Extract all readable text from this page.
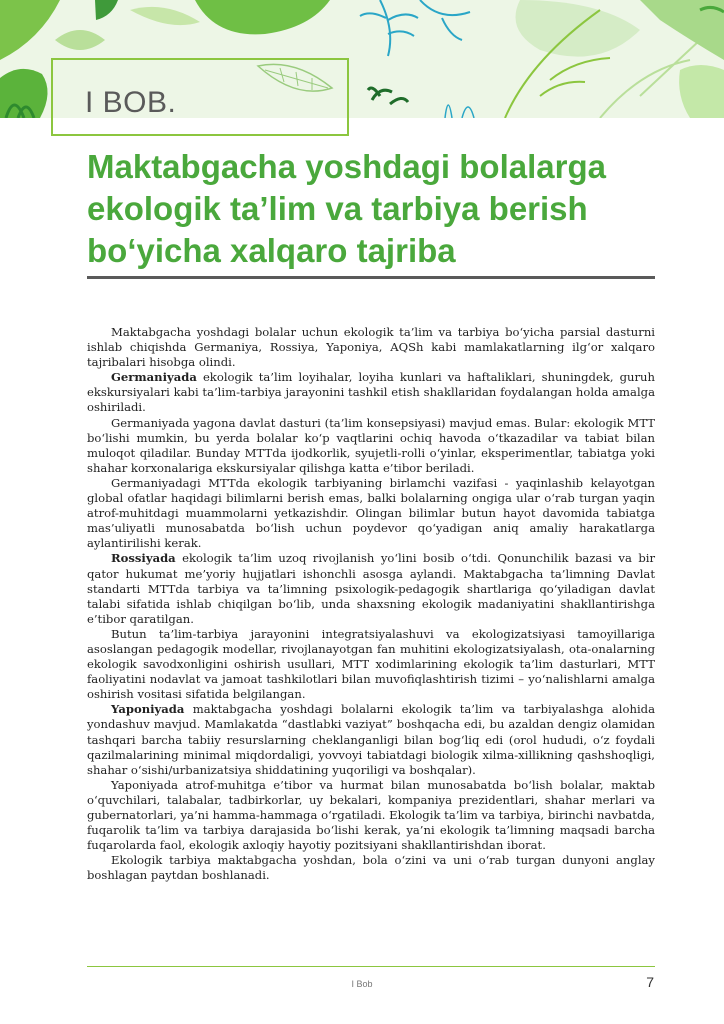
I BOB.
Maktabgacha yoshdagi bolalarga
ekologik ta’lim va tarbiya berish
bo‘yicha xalqaro tajriba

Maktabgacha yoshdagi bolalar uchun ekologik ta’lim va tarbiya bo‘yicha parsial dasturni ishlab chiqishda Germaniya, Rossiya, Yaponiya, AQSh kabi mamlakatlarning ilg‘or xalqaro tajribalari hisobga olindi.

Germaniyada ekologik ta’lim loyihalar, loyiha kunlari va haftaliklari, shuningdek, guruh ekskursiyalari kabi ta’lim-tarbiya jarayonini tashkil etish shakllaridan foydalangan holda amalga oshiriladi.

Germaniyada yagona davlat dasturi (ta’lim konsepsiyasi) mavjud emas. Bular: ekologik MTT bo‘lishi mumkin, bu yerda bolalar ko‘p vaqtlarini ochiq havoda o‘tkazadilar va tabiat bilan muloqot qiladilar. Bunday MTTda ijodkorlik, syujetli-rolli o‘yinlar, eksperimentlar, tabiatga yoki shahar korxonalariga ekskursiyalar qilishga katta e’tibor beriladi.

Germaniyadagi MTTda ekologik tarbiyaning birlamchi vazifasi - yaqinlashib kelayotgan global ofatlar haqidagi bilimlarni berish emas, balki bolalarning ongiga ular o‘rab turgan yaqin atrof-muhitdagi muammolarni yetkazishdir. Olingan bilimlar butun hayot davomida tabiatga mas’uliyatli munosabatda bo‘lish uchun poydevor qo‘yadigan aniq amaliy harakatlarga aylantirilishi kerak.

Rossiyada ekologik ta’lim uzoq rivojlanish yo‘lini bosib o‘tdi. Qonunchilik bazasi va bir qator hukumat me’yoriy hujjatlari ishonchli asosga aylandi. Maktabgacha ta’limning Davlat standarti MTTda tarbiya va ta’limning psixologik-pedagogik shartlariga qo‘yiladigan davlat talabi sifatida ishlab chiqilgan bo‘lib, unda shaxsning ekologik madaniyatini shakllantirishga e’tibor qaratilgan.

Butun ta’lim-tarbiya jarayonini integratsiyalashuvi va ekologizatsiyasi tamoyillariga asoslangan pedagogik modellar, rivojlanayotgan fan muhitini ekologizatsiyalash, ota-onalarning ekologik savodxonligini oshirish usullari, MTT xodimlarining ekologik ta’lim dasturlari, MTT faoliyatini nodavlat va jamoat tashkilotlari bilan muvofiqlashtirish tizimi – yo‘nalishlarni amalga oshirish vositasi sifatida belgilangan.

Yaponiyada maktabgacha yoshdagi bolalarni ekologik ta’lim va tarbiyalashga alohida yondashuv mavjud. Mamlakatda “dastlabki vaziyat” boshqacha edi, bu azaldan dengiz olamidan tashqari barcha tabiiy resurslarning cheklanganligi bilan bog‘liq edi (orol hududi, o‘z foydali qazilmalarining minimal miqdordaligi, yovvoyi tabiatdagi biologik xilma-xillikning qashshoqligi, shahar o‘sishi/urbanizatsiya shiddatining yuqoriligi va boshqalar).

Yaponiyada atrof-muhitga e’tibor va hurmat bilan munosabatda bo‘lish bolalar, maktab o‘quvchilari, talabalar, tadbirkorlar, uy bekalari, kompaniya prezidentlari, shahar merlari va gubernatorlari, ya’ni hamma-hammaga o‘rgatiladi. Ekologik ta’lim va tarbiya, birinchi navbatda, fuqarolik ta’lim va tarbiya darajasida bo‘lishi kerak, ya’ni ekologik ta’limning maqsadi barcha fuqarolarda faol, ekologik axloqiy hayotiy pozitsiyani shakllantirishdan iborat.

Ekologik tarbiya maktabgacha yoshdan, bola o‘zini va uni o‘rab turgan dunyoni anglay boshlagan paytdan boshlanadi.

I Bob	7
